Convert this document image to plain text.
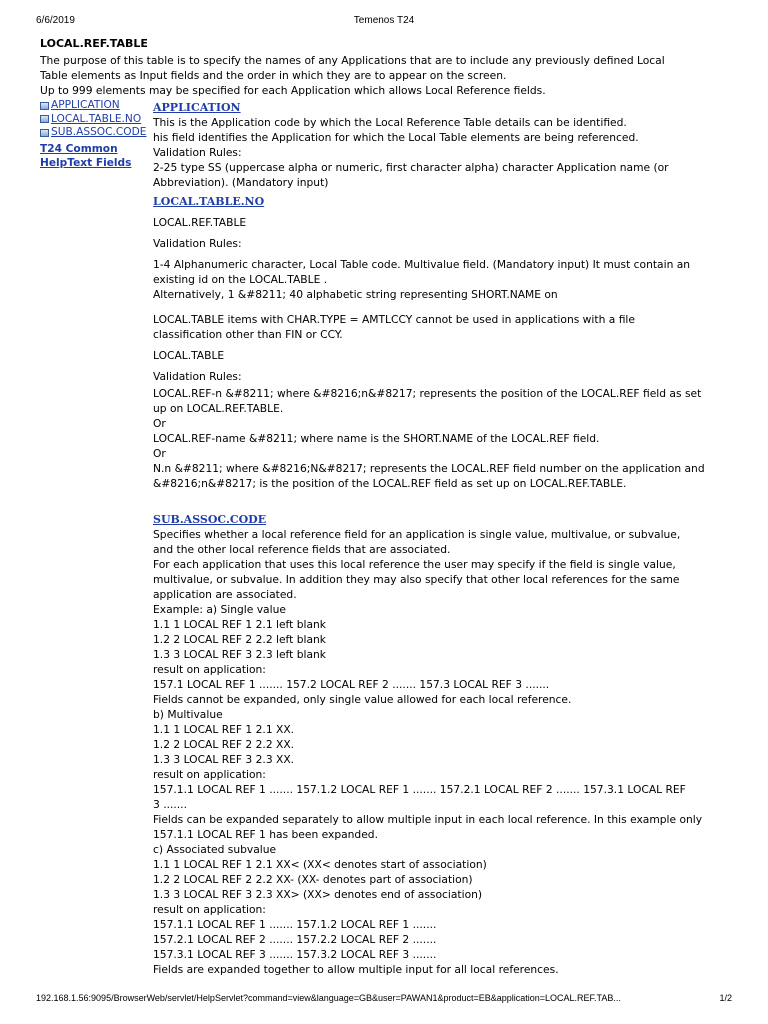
6/6/2019	Temenos T24
LOCAL.REF.TABLE
The purpose of this table is to specify the names of any Applications that are to include any previously defined Local
Table elements as Input fields and the order in which they are to appear on the screen.
Up to 999 elements may be specified for each Application which allows Local Reference fields.
APPLICATION
LOCAL.TABLE.NO
SUB.ASSOC.CODE
T24 Common
HelpText Fields
APPLICATION

This is the Application code by which the Local Reference Table details can be identified.

his field identifies the Application for which the Local Table elements are being referenced.

Validation Rules:

2-25 type SS (uppercase alpha or numeric, first character alpha) character Application name (or

Abbreviation). (Mandatory input)

LOCAL.TABLE.NO

LOCAL.REF.TABLE

Validation Rules:

1-4 Alphanumeric character, Local Table code. Multivalue field. (Mandatory input) It must contain an

existing id on the LOCAL.TABLE .

Alternatively, 1 &#8211; 40 alphabetic string representing SHORT.NAME on

LOCAL.TABLE items with CHAR.TYPE = AMTLCCY cannot be used in applications with a file

classification other than FIN or CCY.

LOCAL.TABLE

Validation Rules:

LOCAL.REF-n &#8211; where &#8216;n&#8217; represents the position of the LOCAL.REF field as set

up on LOCAL.REF.TABLE.

Or

LOCAL.REF-name &#8211; where name is the SHORT.NAME of the LOCAL.REF field.

Or

N.n &#8211; where &#8216;N&#8217; represents the LOCAL.REF field number on the application and

&#8216;n&#8217; is the position of the LOCAL.REF field as set up on LOCAL.REF.TABLE.

SUB.ASSOC.CODE

Specifies whether a local reference field for an application is single value, multivalue, or subvalue,

and the other local reference fields that are associated.

For each application that uses this local reference the user may specify if the field is single value,

multivalue, or subvalue. In addition they may also specify that other local references for the same

application are associated.

Example: a) Single value

1.1 1 LOCAL REF 1 2.1 left blank

1.2 2 LOCAL REF 2 2.2 left blank

1.3 3 LOCAL REF 3 2.3 left blank

result on application:

157.1 LOCAL REF 1 ....... 157.2 LOCAL REF 2 ....... 157.3 LOCAL REF 3 .......

Fields cannot be expanded, only single value allowed for each local reference.

b) Multivalue

1.1 1 LOCAL REF 1 2.1 XX.

1.2 2 LOCAL REF 2 2.2 XX.

1.3 3 LOCAL REF 3 2.3 XX.

result on application:

157.1.1 LOCAL REF 1 ....... 157.1.2 LOCAL REF 1 ....... 157.2.1 LOCAL REF 2 ....... 157.3.1 LOCAL REF

3 .......

Fields can be expanded separately to allow multiple input in each local reference. In this example only

157.1.1 LOCAL REF 1 has been expanded.

c) Associated subvalue

1.1 1 LOCAL REF 1 2.1 XX< (XX< denotes start of association)

1.2 2 LOCAL REF 2 2.2 XX- (XX- denotes part of association)

1.3 3 LOCAL REF 3 2.3 XX> (XX> denotes end of association)

result on application:

157.1.1 LOCAL REF 1 ....... 157.1.2 LOCAL REF 1 .......

157.2.1 LOCAL REF 2 ....... 157.2.2 LOCAL REF 2 .......

157.3.1 LOCAL REF 3 ....... 157.3.2 LOCAL REF 3 .......

Fields are expanded together to allow multiple input for all local references.

192.168.1.56:9095/BrowserWeb/servlet/HelpServlet?command=view&language=GB&user=PAWAN1&product=EB&application=LOCAL.REF.TAB...	1/2
